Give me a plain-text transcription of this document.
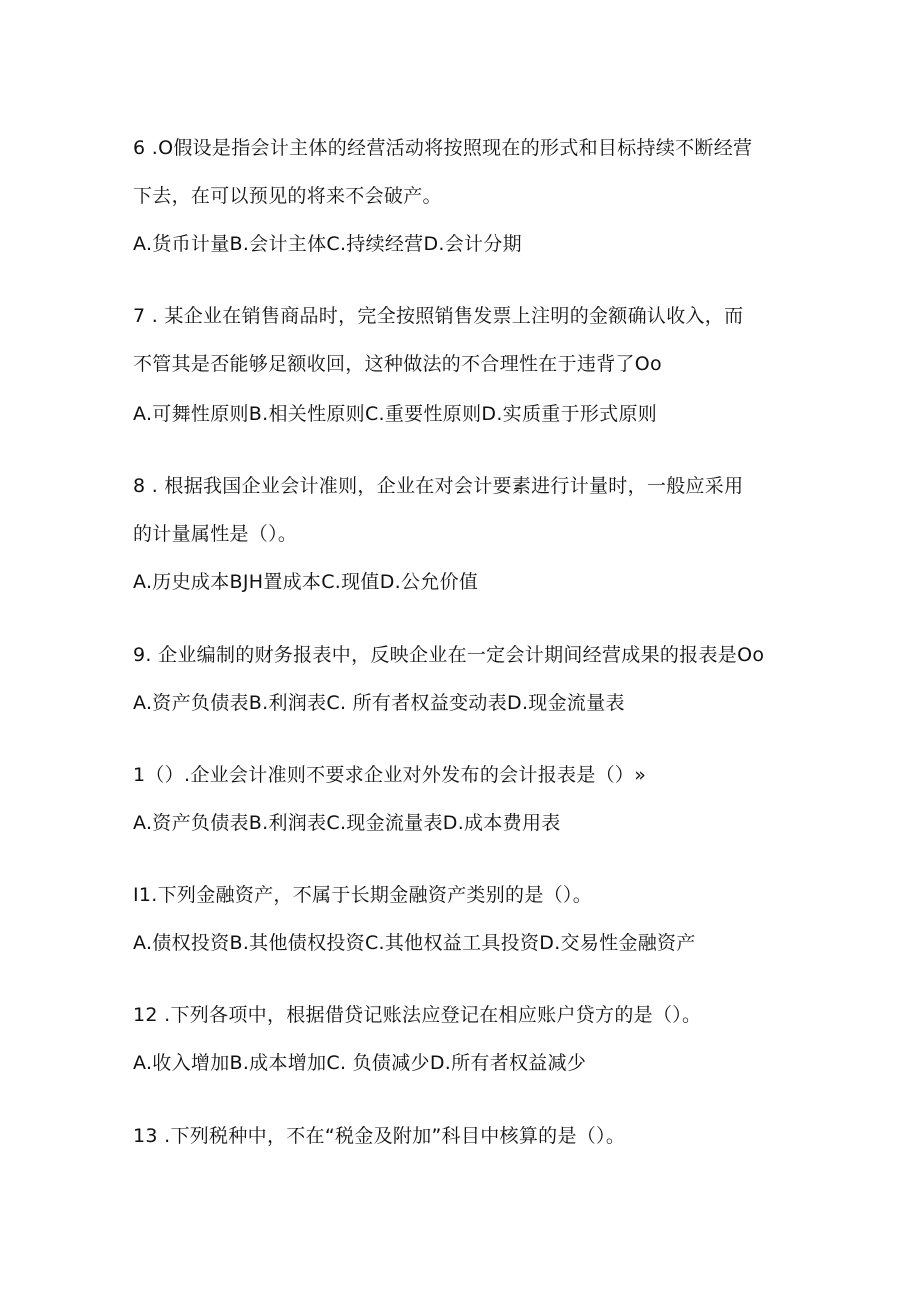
6 .O假设是指会计主体的经营活动将按照现在的形式和目标持续不断经营
下去，在可以预见的将来不会破产。
A.货币计量B.会计主体C.持续经营D.会计分期
7 . 某企业在销售商品时，完全按照销售发票上注明的金额确认收入，而
不管其是否能够足额收回，这种做法的不合理性在于违背了Oo
A.可舞性原则B.相关性原则C.重要性原则D.实质重于形式原则
8 . 根据我国企业会计准则，企业在对会计要素进行计量时，一般应采用
的计量属性是（）。
A.历史成本BJH置成本C.现值D.公允价值
9. 企业编制的财务报表中，反映企业在一定会计期间经营成果的报表是Oo
A.资产负债表B.利润表C. 所有者权益变动表D.现金流量表
1（）.企业会计准则不要求企业对外发布的会计报表是（）»
A.资产负债表B.利润表C.现金流量表D.成本费用表
I1.下列金融资产，不属于长期金融资产类别的是（）。
A.债权投资B.其他债权投资C.其他权益工具投资D.交易性金融资产
12 .下列各项中，根据借贷记账法应登记在相应账户贷方的是（）。
A.收入增加B.成本增加C. 负债减少D.所有者权益减少
13 .下列税种中，不在“税金及附加”科目中核算的是（）。
